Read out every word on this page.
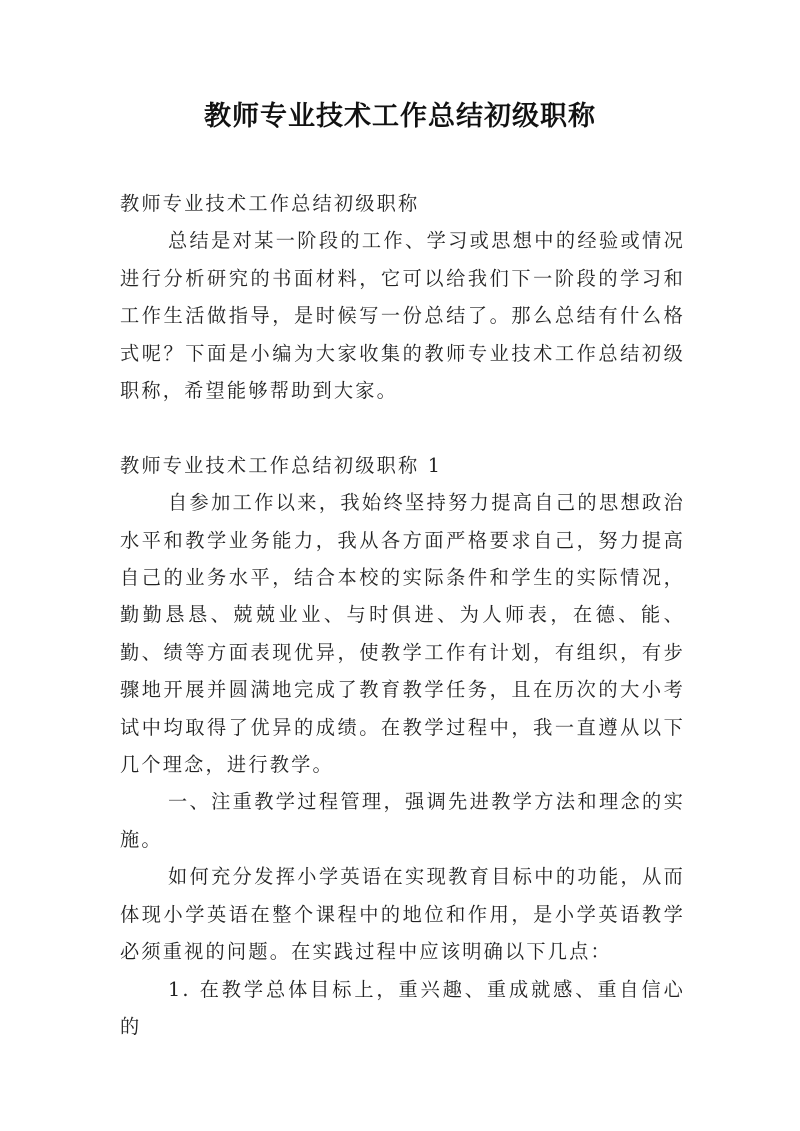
教师专业技术工作总结初级职称

教师专业技术工作总结初级职称

总结是对某一阶段的工作、学习或思想中的经验或情况进行分析研究的书面材料，它可以给我们下一阶段的学习和工作生活做指导，是时候写一份总结了。那么总结有什么格式呢？下面是小编为大家收集的教师专业技术工作总结初级职称，希望能够帮助到大家。

教师专业技术工作总结初级职称 1

自参加工作以来，我始终坚持努力提高自己的思想政治水平和教学业务能力，我从各方面严格要求自己，努力提高自己的业务水平，结合本校的实际条件和学生的实际情况，勤勤恳恳、兢兢业业、与时俱进、为人师表，在德、能、勤、绩等方面表现优异，使教学工作有计划，有组织，有步骤地开展并圆满地完成了教育教学任务，且在历次的大小考试中均取得了优异的成绩。在教学过程中，我一直遵从以下几个理念，进行教学。

一、注重教学过程管理，强调先进教学方法和理念的实施。

如何充分发挥小学英语在实现教育目标中的功能，从而体现小学英语在整个课程中的地位和作用，是小学英语教学必须重视的问题。在实践过程中应该明确以下几点：

1. 在教学总体目标上，重兴趣、重成就感、重自信心的
